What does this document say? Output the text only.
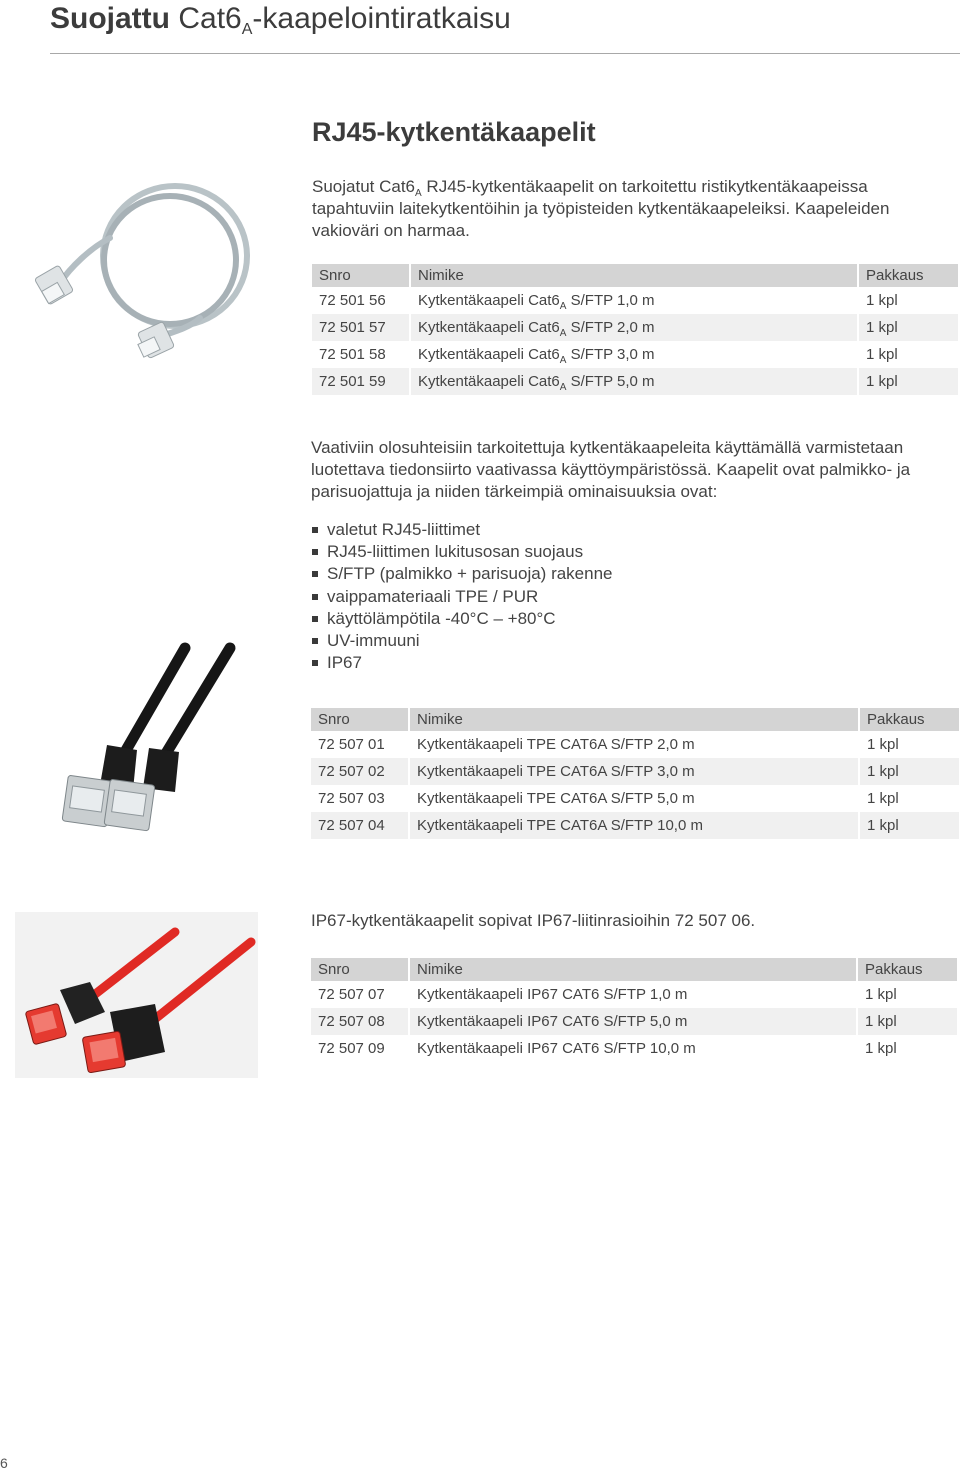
Suojattu $Cat6_A$-kaapelointiratkaisu
RJ45-kytkentäkaapelit
Suojatut $Cat6_A$ RJ45-kytkentäkaapelit on tarkoitettu ristikytkentäkaapeissa tapahtuviin laitekytkentöihin ja työpisteiden kytkentäkaapeleiksi. Kaapeleiden vakioväri on harmaa.
Snro	Nimike	Pakkaus
72 501 56	Kytkentäkaapeli $Cat6_A$ S/FTP 1,0 m	1 kpl
72 501 57	Kytkentäkaapeli $Cat6_A$ S/FTP 2,0 m	1 kpl
72 501 58	Kytkentäkaapeli $Cat6_A$ S/FTP 3,0 m	1 kpl
72 501 59	Kytkentäkaapeli $Cat6_A$ S/FTP 5,0 m	1 kpl
Vaativiin olosuhteisiin tarkoitettuja kytkentäkaapeleita käyttämällä varmistetaan luotettava tiedonsiirto vaativassa käyttöympäristössä. Kaapelit ovat palmikko- ja parisuojattuja ja niiden tärkeimpiä ominaisuuksia ovat:
valetut RJ45-liittimet
RJ45-liittimen lukitusosan suojaus
S/FTP (palmikko + parisuoja) rakenne
vaippamateriaali TPE / PUR
käyttölämpötila -40°C – +80°C
UV-immuuni
IP67
Snro	Nimike	Pakkaus
72 507 01	Kytkentäkaapeli TPE CAT6A S/FTP 2,0 m	1 kpl
72 507 02	Kytkentäkaapeli TPE CAT6A S/FTP 3,0 m	1 kpl
72 507 03	Kytkentäkaapeli TPE CAT6A S/FTP 5,0 m	1 kpl
72 507 04	Kytkentäkaapeli TPE CAT6A S/FTP 10,0 m	1 kpl
IP67-kytkentäkaapelit sopivat IP67-liitinrasioihin 72 507 06.
Snro	Nimike	Pakkaus
72 507 07	Kytkentäkaapeli IP67 CAT6 S/FTP 1,0 m	1 kpl
72 507 08	Kytkentäkaapeli IP67 CAT6 S/FTP 5,0 m	1 kpl
72 507 09	Kytkentäkaapeli IP67 CAT6 S/FTP 10,0 m	1 kpl
6
